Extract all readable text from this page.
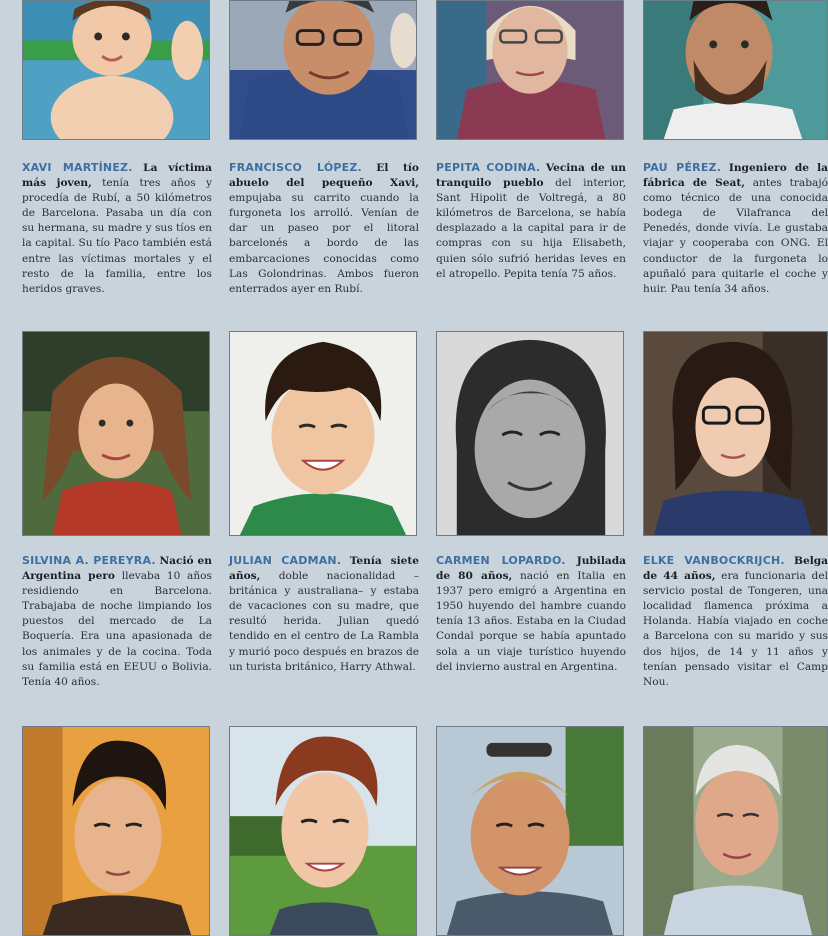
XAVI MARTÍNEZ. La víctima más joven, tenía tres años y procedía de Rubí, a 50 kilómetros de Barcelona. Pasaba un día con su hermana, su madre y sus tíos en la capital. Su tío Paco también está entre las víctimas mortales y el resto de la familia, entre los heridos graves.
FRANCISCO LÓPEZ. El tío abuelo del pequeño Xavi, empujaba su carrito cuando la furgoneta los arrolló. Venían de dar un paseo por el litoral barcelonés a bordo de las embarcaciones conocidas como Las Golondrinas. Ambos fueron enterrados ayer en Rubí.
PEPITA CODINA. Vecina de un tranquilo pueblo del interior, Sant Hipolit de Voltregá, a 80 kilómetros de Barcelona, se había desplazado a la capital para ir de compras con su hija Elisabeth, quien sólo sufrió heridas leves en el atropello. Pepita tenía 75 años.
PAU PÉREZ. Ingeniero de la fábrica de Seat, antes trabajó como técnico de una conocida bodega de Vilafranca del Penedés, donde vivía. Le gustaba viajar y cooperaba con ONG. El conductor de la furgoneta lo apuñaló para quitarle el coche y huir. Pau tenía 34 años.
SILVINA A. PEREYRA. Nació en Argentina pero llevaba 10 años residiendo en Barcelona. Trabajaba de noche limpiando los puestos del mercado de La Boquería. Era una apasionada de los animales y de la cocina. Toda su familia está en EEUU o Bolivia. Tenía 40 años.
JULIAN CADMAN. Tenía siete años, doble nacionalidad –británica y australiana– y estaba de vacaciones con su madre, que resultó herida. Julian quedó tendido en el centro de La Rambla y murió poco después en brazos de un turista británico, Harry Athwal.
CARMEN LOPARDO. Jubilada de 80 años, nació en Italia en 1937 pero emigró a Argentina en 1950 huyendo del hambre cuando tenía 13 años. Estaba en la Ciudad Condal porque se había apuntado sola a un viaje turístico huyendo del invierno austral en Argentina.
ELKE VANBOCKRIJCH. Belga de 44 años, era funcionaria del servicio postal de Tongeren, una localidad flamenca próxima a Holanda. Había viajado en coche a Barcelona con su marido y sus dos hijos, de 14 y 11 años y tenían pensado visitar el Camp Nou.
